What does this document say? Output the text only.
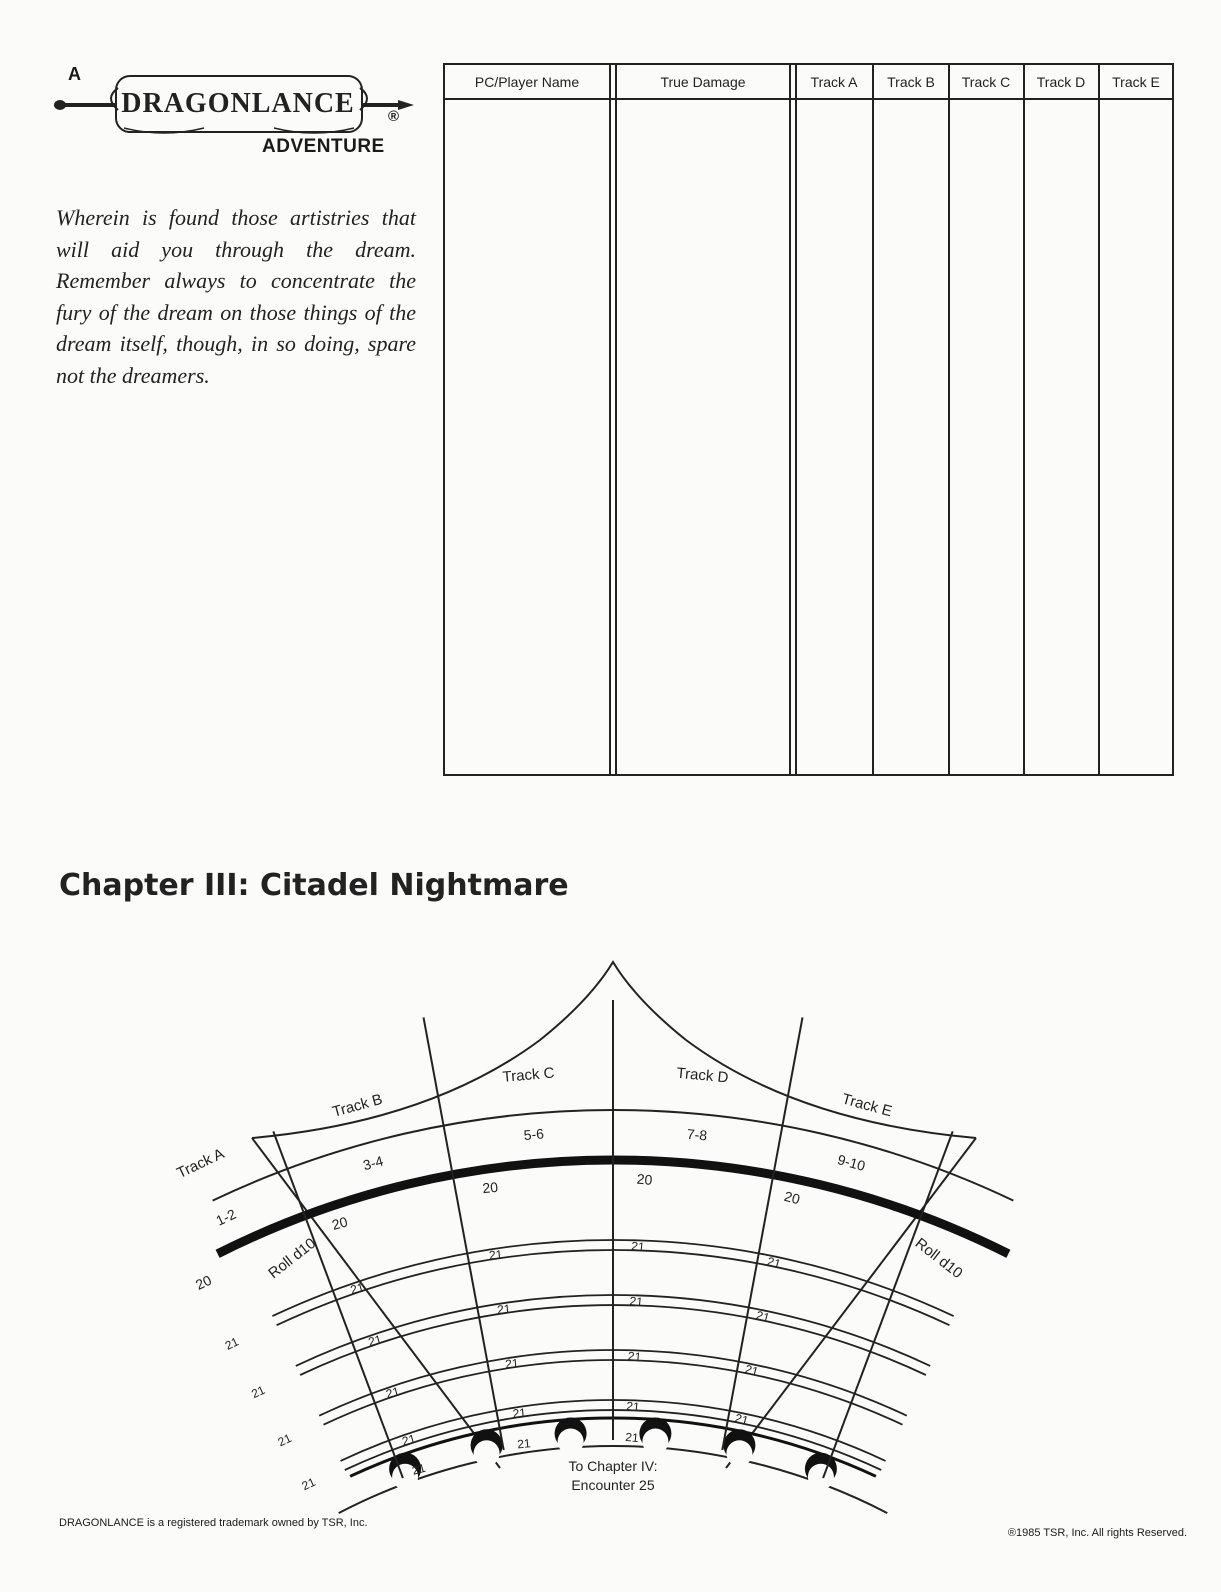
A
DRAGONLANCE ®
ADVENTURE

Wherein is found those artistries that will aid you through the dream. Remember always to concentrate the fury of the dream on those things of the dream itself, though, in so doing, spare not the dreamers.

PC/Player Name	True Damage	Track A Track B Track C Track D Track E
Chapter III: Citadel Nightmare
Roll d10	Roll d10
To Chapter IV:
Encounter 25
Track A
1-2
20
21
21
21
21
Track B
3-4
20
21
21
21
21
21
Track C
5-6
20
21
21
21
21
21
Track D
7-8
20
21
21
21
21
21
Track E
9-10
20
21
21
21
21
DRAGONLANCE is a registered trademark owned by TSR, Inc.
®1985 TSR, Inc. All rights Reserved.
